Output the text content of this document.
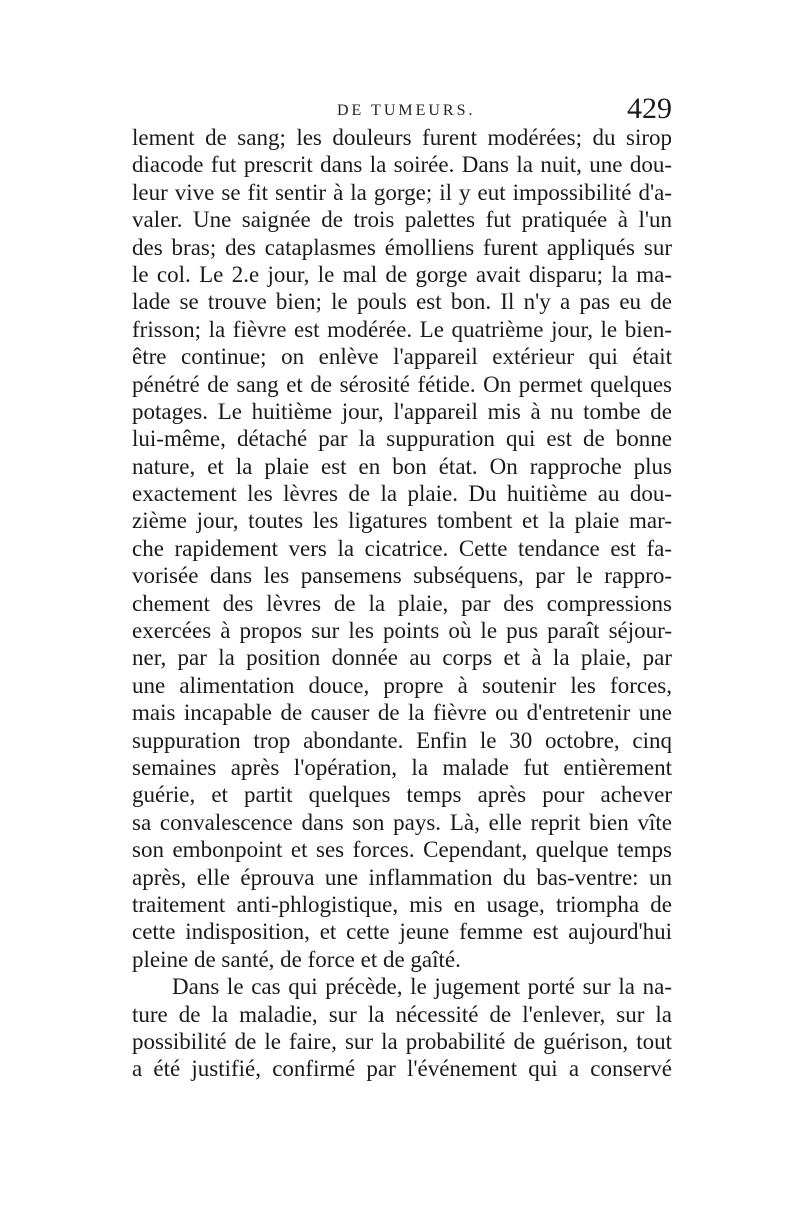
DE TUMEURS.	429
lement de sang; les douleurs furent modérées; du sirop
diacode fut prescrit dans la soirée. Dans la nuit, une dou-
leur vive se fit sentir à la gorge; il y eut impossibilité d'a-
valer. Une saignée de trois palettes fut pratiquée à l'un
des bras; des cataplasmes émolliens furent appliqués sur
le col. Le 2.e jour, le mal de gorge avait disparu; la ma-
lade se trouve bien; le pouls est bon. Il n'y a pas eu de
frisson; la fièvre est modérée. Le quatrième jour, le bien-
être continue; on enlève l'appareil extérieur qui était
pénétré de sang et de sérosité fétide. On permet quelques
potages. Le huitième jour, l'appareil mis à nu tombe de
lui-même, détaché par la suppuration qui est de bonne
nature, et la plaie est en bon état. On rapproche plus
exactement les lèvres de la plaie. Du huitième au dou-
zième jour, toutes les ligatures tombent et la plaie mar-
che rapidement vers la cicatrice. Cette tendance est fa-
vorisée dans les pansemens subséquens, par le rappro-
chement des lèvres de la plaie, par des compressions
exercées à propos sur les points où le pus paraît séjour-
ner, par la position donnée au corps et à la plaie, par
une alimentation douce, propre à soutenir les forces,
mais incapable de causer de la fièvre ou d'entretenir une
suppuration trop abondante. Enfin le 30 octobre, cinq
semaines après l'opération, la malade fut entièrement
guérie, et partit quelques temps après pour achever
sa convalescence dans son pays. Là, elle reprit bien vîte
son embonpoint et ses forces. Cependant, quelque temps
après, elle éprouva une inflammation du bas-ventre: un
traitement anti-phlogistique, mis en usage, triompha de
cette indisposition, et cette jeune femme est aujourd'hui
pleine de santé, de force et de gaîté.
Dans le cas qui précède, le jugement porté sur la na-
ture de la maladie, sur la nécessité de l'enlever, sur la
possibilité de le faire, sur la probabilité de guérison, tout
a été justifié, confirmé par l'événement qui a conservé
